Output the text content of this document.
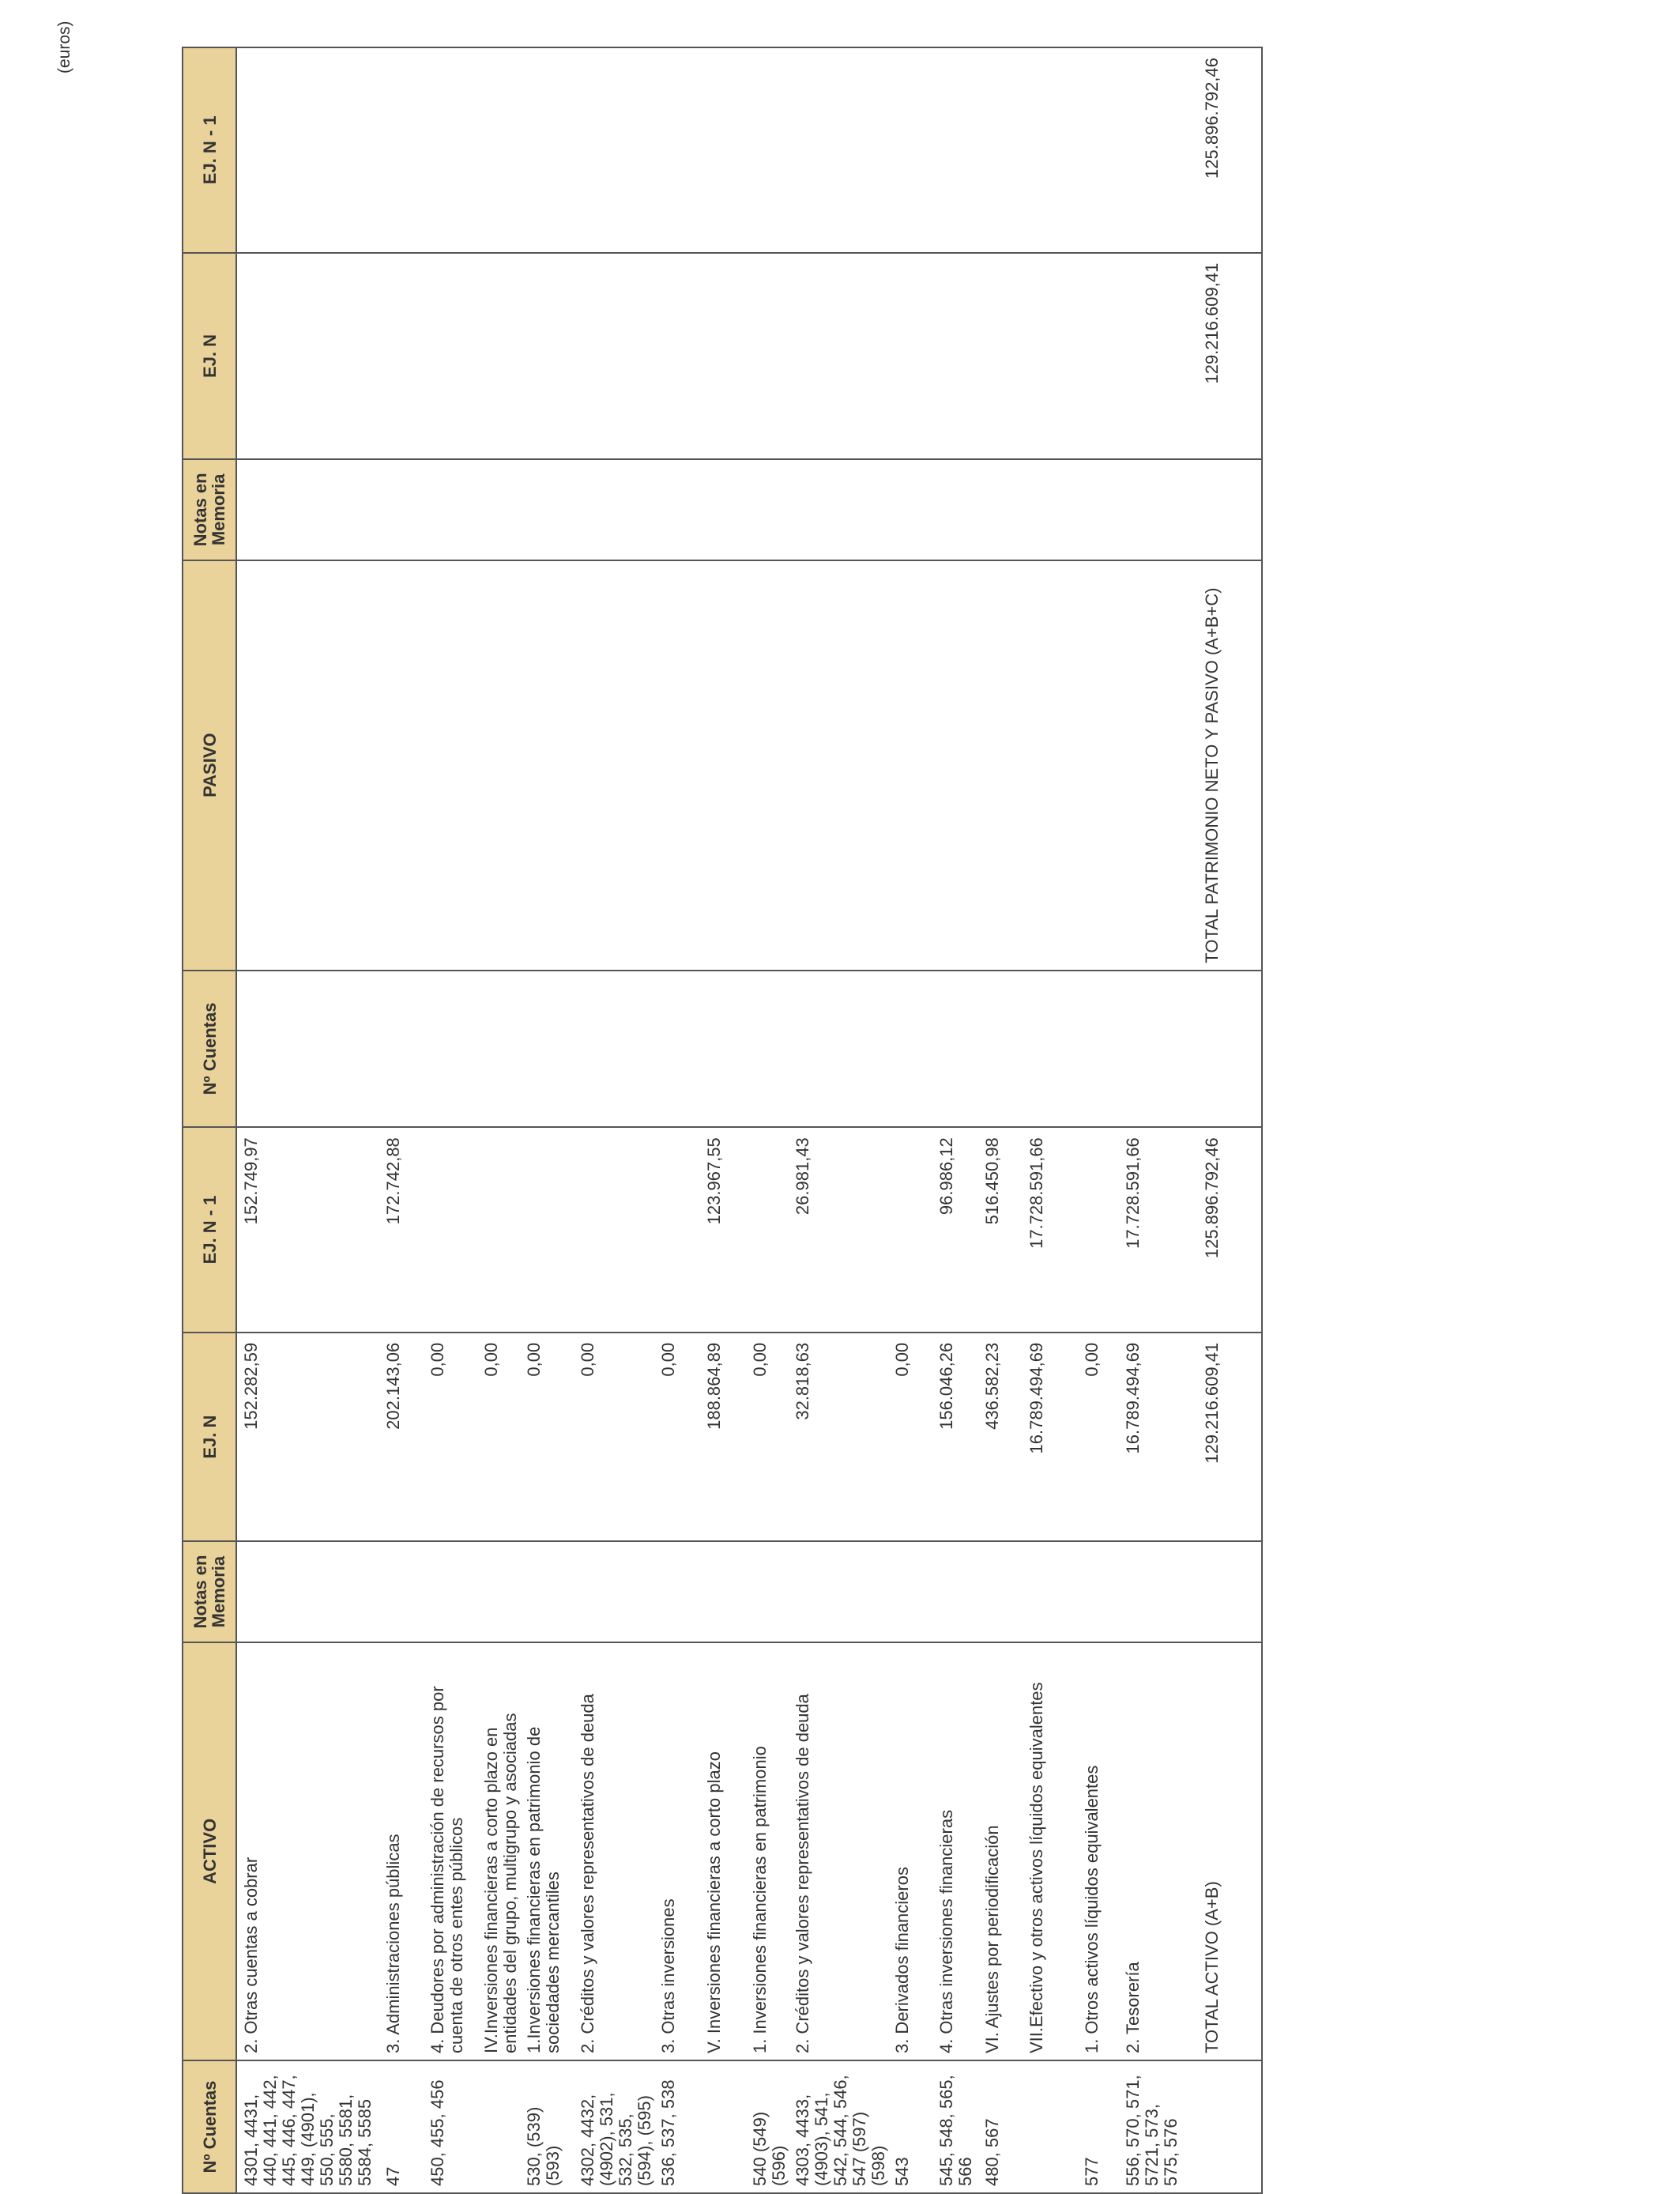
(euros)
Nº Cuentas	ACTIVO	Notas en Memoria	EJ. N	EJ. N - 1	Nº Cuentas	PASIVO	Notas en Memoria	EJ. N	EJ. N - 1

4301, 4431, 440, 441, 442, 445, 446, 447, 449, (4901), 550, 555, 5580, 5581, 5584, 5585	2. Otras cuentas a cobrar		152.282,59	152.749,97					

47	3. Administraciones públicas		202.143,06	172.742,88					

450, 455, 456	4. Deudores por administración de recursos por cuenta de otros entes públicos		0,00						

	IV.Inversiones financieras a corto plazo en entidades del grupo, multigrupo y asociadas		0,00						

530, (539) (593)	1.Inversiones financieras en patrimonio de sociedades mercantiles		0,00						

4302, 4432, (4902), 531, 532, 535, (594), (595)	2. Créditos y valores representativos de deuda		0,00						

536, 537, 538	3. Otras inversiones		0,00						

	V. Inversiones financieras a corto plazo		188.864,89	123.967,55					

540 (549) (596)	1. Inversiones financieras en patrimonio		0,00						

4303, 4433, (4903), 541, 542, 544, 546, 547 (597) (598)	2. Créditos y valores representativos de deuda		32.818,63	26.981,43					

543	3. Derivados financieros		0,00						

545, 548, 565, 566	4. Otras inversiones financieras		156.046,26	96.986,12					

480, 567	VI. Ajustes por periodificación		436.582,23	516.450,98					

	VII.Efectivo y otros activos líquidos equivalentes		16.789.494,69	17.728.591,66					

577	1. Otros activos líquidos equivalentes		0,00						

556, 570, 571, 5721, 573, 575, 576	2. Tesorería		16.789.494,69	17.728.591,66					

	TOTAL ACTIVO (A+B)		129.216.609,41	125.896.792,46		TOTAL PATRIMONIO NETO Y PASIVO (A+B+C)		129.216.609,41	125.896.792,46
